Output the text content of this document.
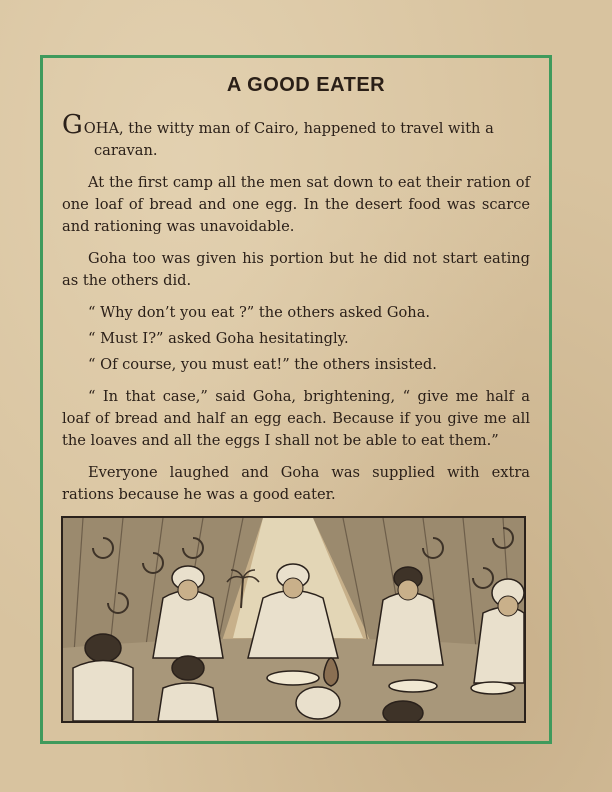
A GOOD EATER

GOHA, the witty man of Cairo, happened to travel with a
caravan.

At the first camp all the men sat down to eat their ration of one loaf of bread and one egg. In the desert food was scarce and rationing was unavoidable.

Goha too was given his portion but he did not start eating as the others did.

“ Why don’t you eat ?” the others asked Goha.

“ Must I?” asked Goha hesitatingly.

“ Of course, you must eat!” the others insisted.

“ In that case,” said Goha, brightening, “ give me half a loaf of bread and half an egg each. Because if you give me all the loaves and all the eggs I shall not be able to eat them.”

Everyone laughed and Goha was supplied with extra rations because he was a good eater.
